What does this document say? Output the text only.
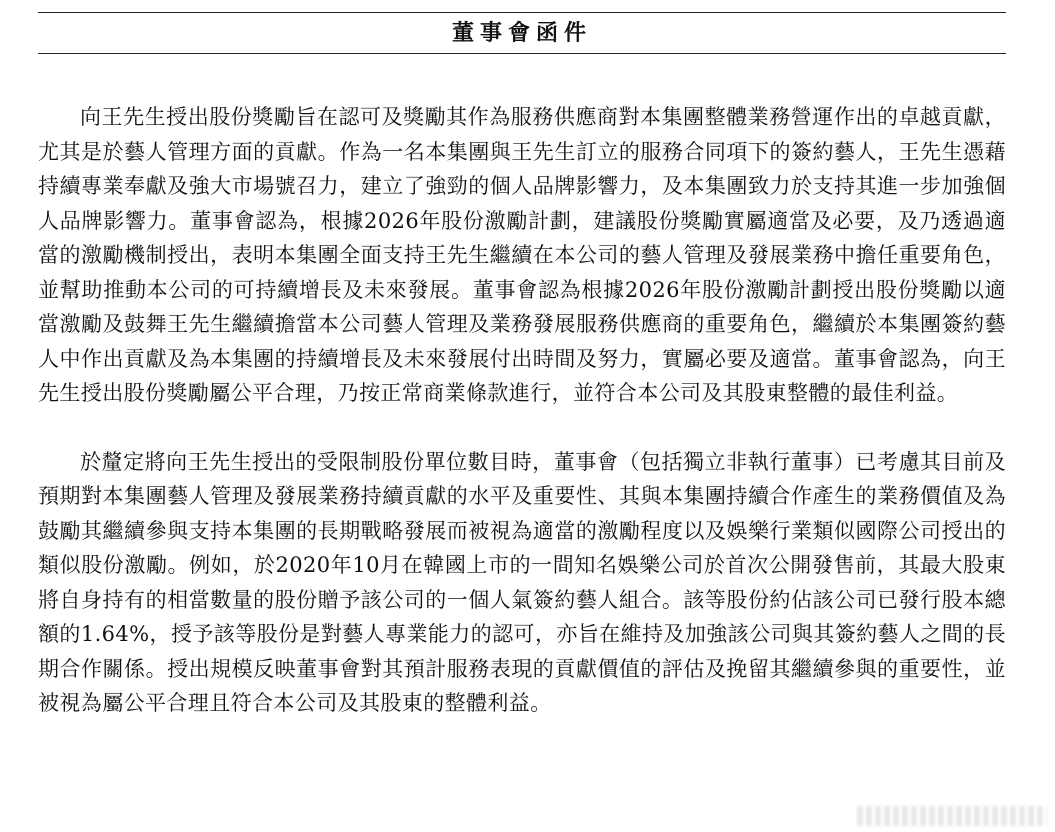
董事會函件

向王先生授出股份獎勵旨在認可及獎勵其作為服務供應商對本集團整體業務營運作出的卓越貢獻，尤其是於藝人管理方面的貢獻。作為一名本集團與王先生訂立的服務合同項下的簽約藝人，王先生憑藉持續專業奉獻及強大市場號召力，建立了強勁的個人品牌影響力，及本集團致力於支持其進一步加強個人品牌影響力。董事會認為，根據2026年股份激勵計劃，建議股份獎勵實屬適當及必要，及乃透過適當的激勵機制授出，表明本集團全面支持王先生繼續在本公司的藝人管理及發展業務中擔任重要角色，並幫助推動本公司的可持續增長及未來發展。董事會認為根據2026年股份激勵計劃授出股份獎勵以適當激勵及鼓舞王先生繼續擔當本公司藝人管理及業務發展服務供應商的重要角色，繼續於本集團簽約藝人中作出貢獻及為本集團的持續增長及未來發展付出時間及努力，實屬必要及適當。董事會認為，向王先生授出股份獎勵屬公平合理，乃按正常商業條款進行，並符合本公司及其股東整體的最佳利益。

於釐定將向王先生授出的受限制股份單位數目時，董事會（包括獨立非執行董事）已考慮其目前及預期對本集團藝人管理及發展業務持續貢獻的水平及重要性、其與本集團持續合作產生的業務價值及為鼓勵其繼續參與支持本集團的長期戰略發展而被視為適當的激勵程度以及娛樂行業類似國際公司授出的類似股份激勵。例如，於2020年10月在韓國上市的一間知名娛樂公司於首次公開發售前，其最大股東將自身持有的相當數量的股份贈予該公司的一個人氣簽約藝人組合。該等股份約佔該公司已發行股本總額的1.64%，授予該等股份是對藝人專業能力的認可，亦旨在維持及加強該公司與其簽約藝人之間的長期合作關係。授出規模反映董事會對其預計服務表現的貢獻價值的評估及挽留其繼續參與的重要性，並被視為屬公平合理且符合本公司及其股東的整體利益。
